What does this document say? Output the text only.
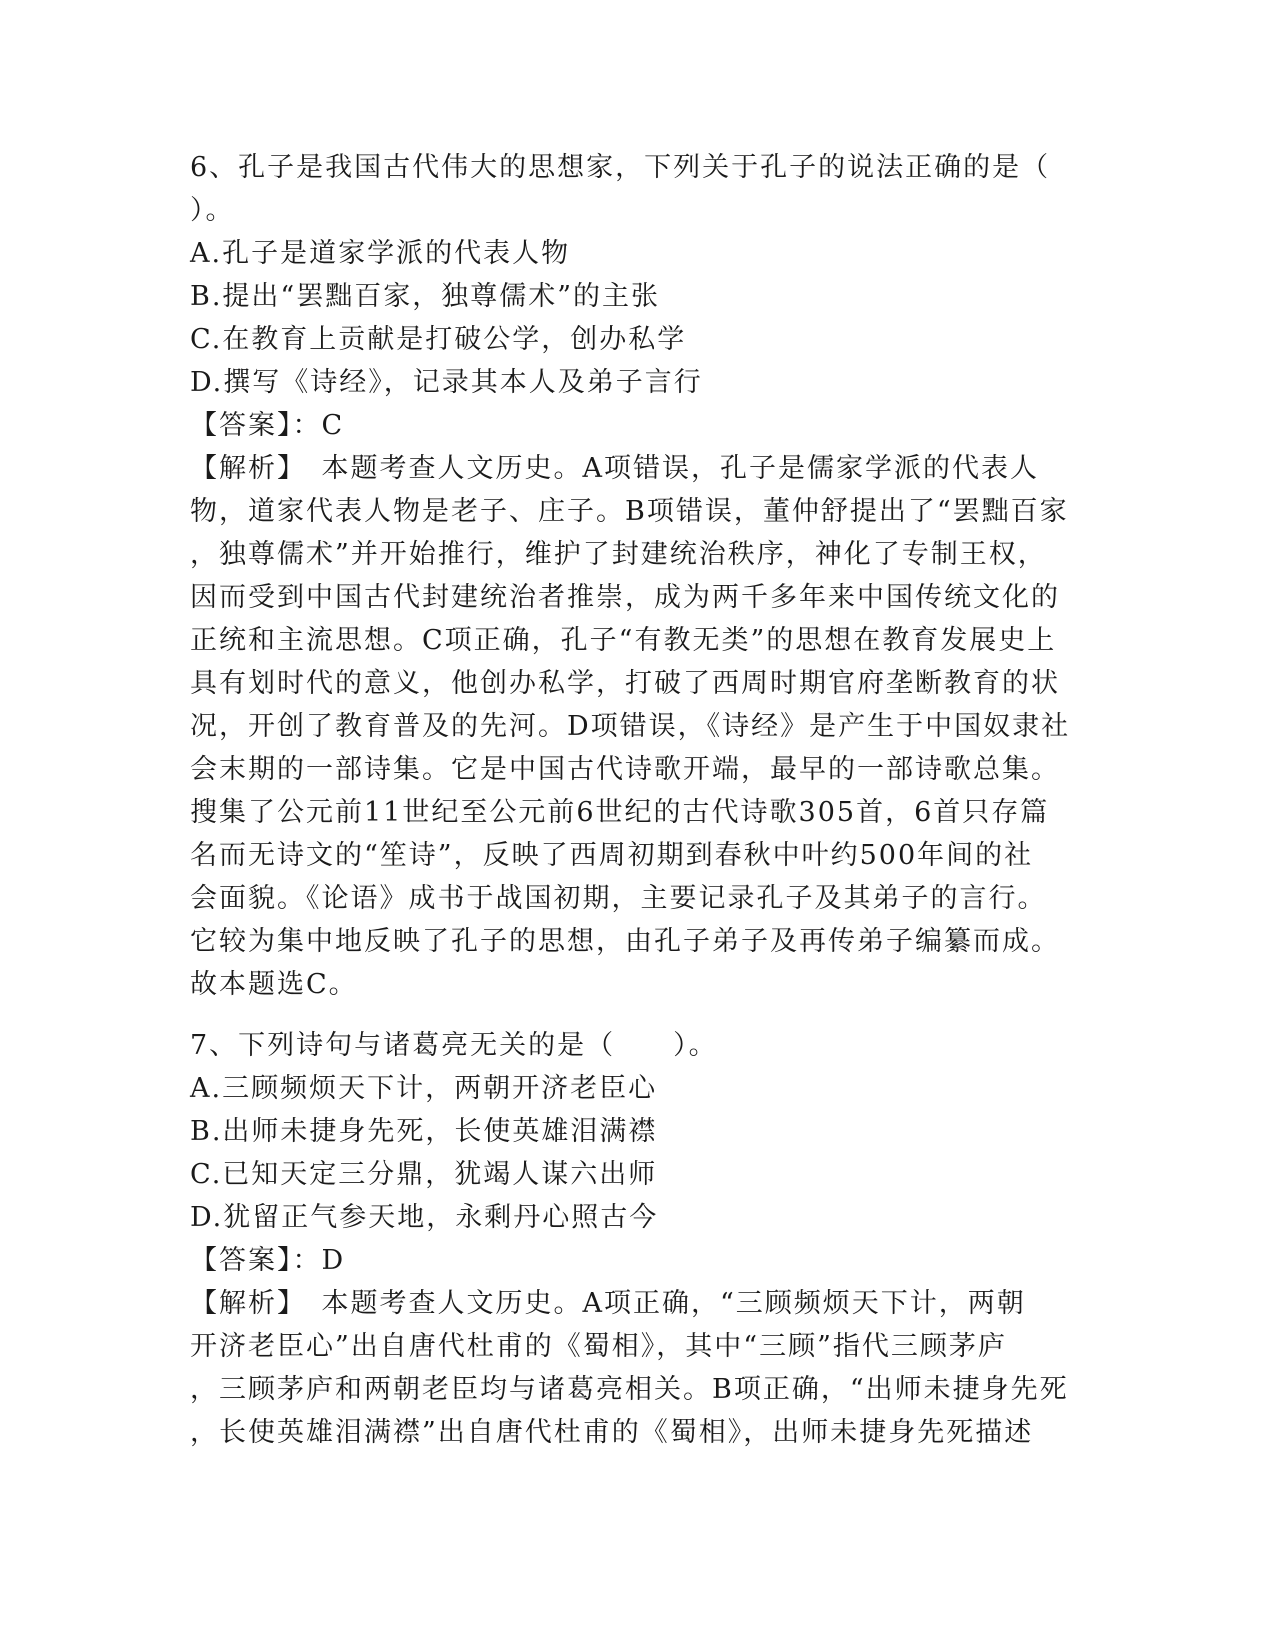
6、孔子是我国古代伟大的思想家，下列关于孔子的说法正确的是（
）。
A.孔子是道家学派的代表人物
B.提出“罢黜百家，独尊儒术”的主张
C.在教育上贡献是打破公学，创办私学
D.撰写《诗经》，记录其本人及弟子言行
【答案】：C
【解析】　本题考查人文历史。A项错误，孔子是儒家学派的代表人
物，道家代表人物是老子、庄子。B项错误，董仲舒提出了“罢黜百家
，独尊儒术”并开始推行，维护了封建统治秩序，神化了专制王权，
因而受到中国古代封建统治者推崇，成为两千多年来中国传统文化的
正统和主流思想。C项正确，孔子“有教无类”的思想在教育发展史上
具有划时代的意义，他创办私学，打破了西周时期官府垄断教育的状
况，开创了教育普及的先河。D项错误，《诗经》是产生于中国奴隶社
会末期的一部诗集。它是中国古代诗歌开端，最早的一部诗歌总集。
搜集了公元前11世纪至公元前6世纪的古代诗歌305首，6首只存篇
名而无诗文的“笙诗”，反映了西周初期到春秋中叶约500年间的社
会面貌。《论语》成书于战国初期，主要记录孔子及其弟子的言行。
它较为集中地反映了孔子的思想，由孔子弟子及再传弟子编纂而成。
故本题选C。
7、下列诗句与诸葛亮无关的是（　　）。
A.三顾频烦天下计，两朝开济老臣心
B.出师未捷身先死，长使英雄泪满襟
C.已知天定三分鼎，犹竭人谋六出师
D.犹留正气参天地，永剩丹心照古今
【答案】：D
【解析】　本题考查人文历史。A项正确，“三顾频烦天下计，两朝
开济老臣心”出自唐代杜甫的《蜀相》，其中“三顾”指代三顾茅庐
，三顾茅庐和两朝老臣均与诸葛亮相关。B项正确，“出师未捷身先死
，长使英雄泪满襟”出自唐代杜甫的《蜀相》，出师未捷身先死描述
